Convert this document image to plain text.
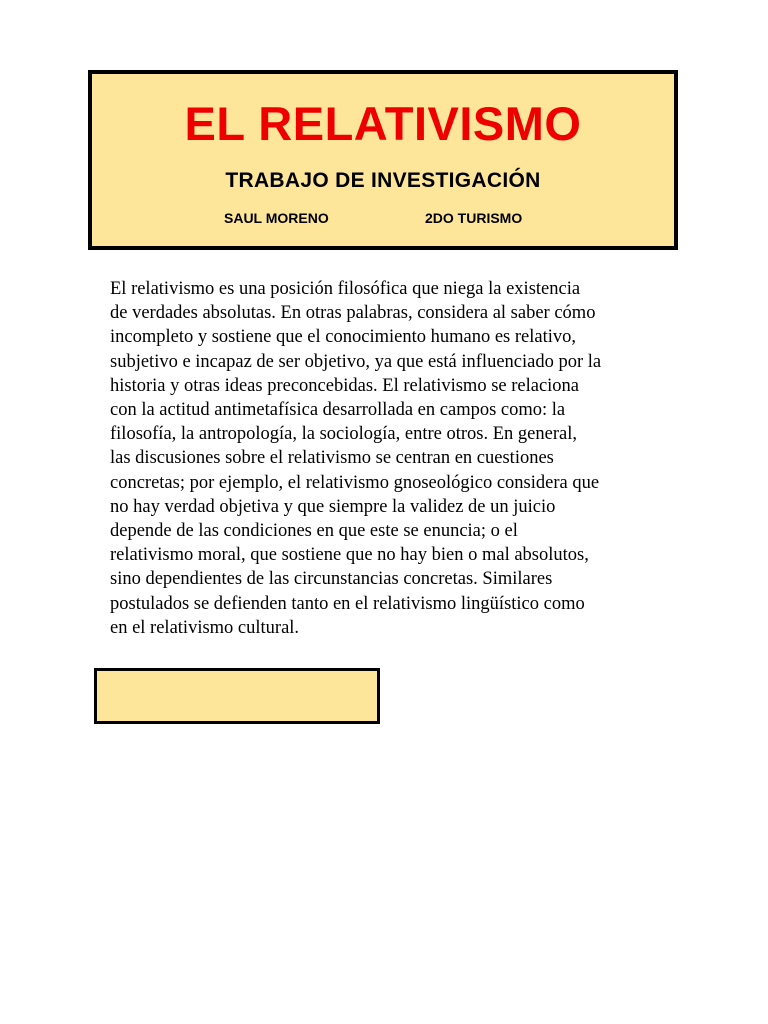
EL RELATIVISMO
TRABAJO DE INVESTIGACIÓN
SAUL MORENO	2DO TURISMO
El relativismo es una posición filosófica que niega la existencia
de verdades absolutas. En otras palabras, considera al saber cómo
incompleto y sostiene que el conocimiento humano es relativo,
subjetivo e incapaz de ser objetivo, ya que está influenciado por la
historia y otras ideas preconcebidas. El relativismo se relaciona
con la actitud antimetafísica desarrollada en campos como: la
filosofía, la antropología, la sociología, entre otros. En general,
las discusiones sobre el relativismo se centran en cuestiones
concretas; por ejemplo, el relativismo gnoseológico considera que
no hay verdad objetiva y que siempre la validez de un juicio
depende de las condiciones en que este se enuncia; o el
relativismo moral, que sostiene que no hay bien o mal absolutos,
sino dependientes de las circunstancias concretas. Similares
postulados se defienden tanto en el relativismo lingüístico como
en el relativismo cultural.
